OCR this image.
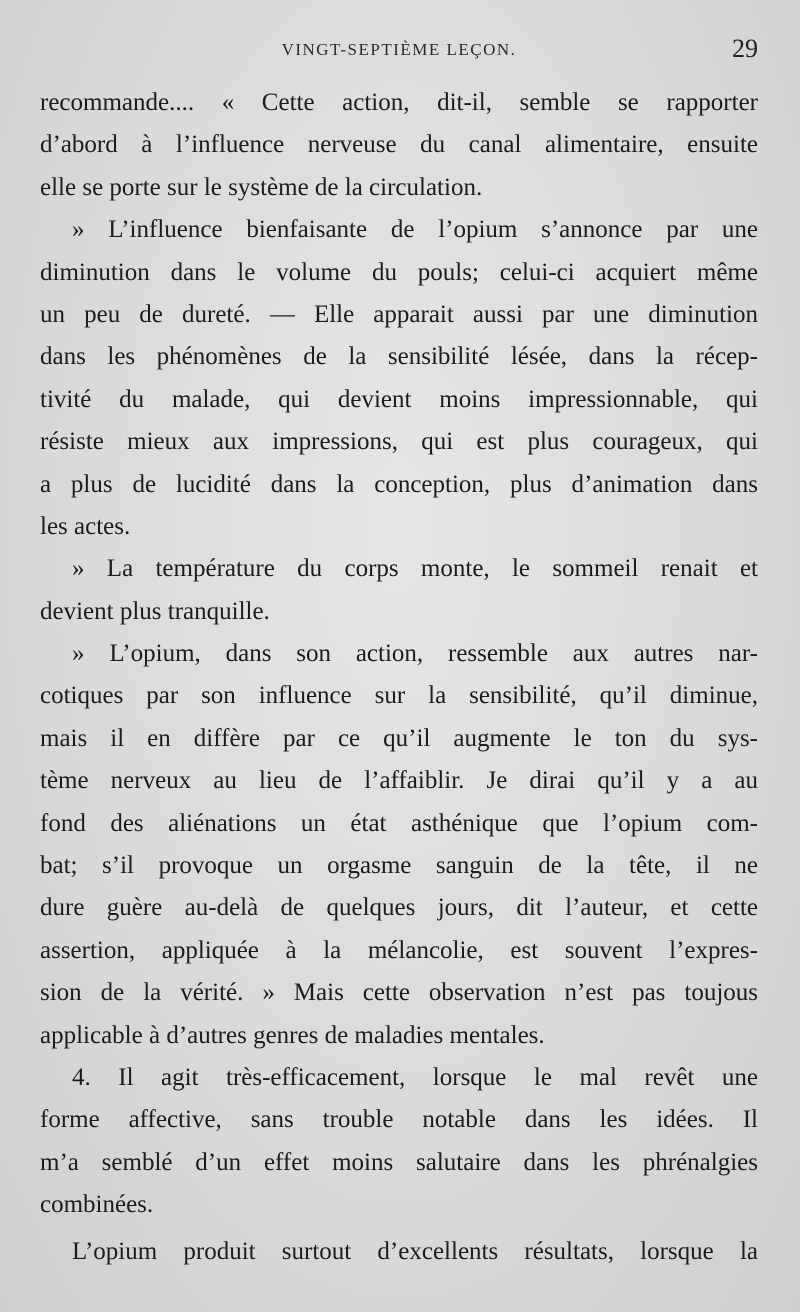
VINGT-SEPTIÈME LEÇON.	29
recommande.... « Cette action, dit-il, semble se rapporter
d’abord à l’influence nerveuse du canal alimentaire, ensuite
elle se porte sur le système de la circulation.
» L’influence bienfaisante de l’opium s’annonce par une
diminution dans le volume du pouls; celui-ci acquiert même
un peu de dureté. — Elle apparait aussi par une diminution
dans les phénomènes de la sensibilité lésée, dans la récep-
tivité du malade, qui devient moins impressionnable, qui
résiste mieux aux impressions, qui est plus courageux, qui
a plus de lucidité dans la conception, plus d’animation dans
les actes.
» La température du corps monte, le sommeil renait et
devient plus tranquille.
» L’opium, dans son action, ressemble aux autres nar-
cotiques par son influence sur la sensibilité, qu’il diminue,
mais il en diffère par ce qu’il augmente le ton du sys-
tème nerveux au lieu de l’affaiblir. Je dirai qu’il y a au
fond des aliénations un état asthénique que l’opium com-
bat; s’il provoque un orgasme sanguin de la tête, il ne
dure guère au-delà de quelques jours, dit l’auteur, et cette
assertion, appliquée à la mélancolie, est souvent l’expres-
sion de la vérité. » Mais cette observation n’est pas toujous
applicable à d’autres genres de maladies mentales.
4. Il agit très-efficacement, lorsque le mal revêt une
forme affective, sans trouble notable dans les idées. Il
m’a semblé d’un effet moins salutaire dans les phrénalgies
combinées.
L’opium produit surtout d’excellents résultats, lorsque la
